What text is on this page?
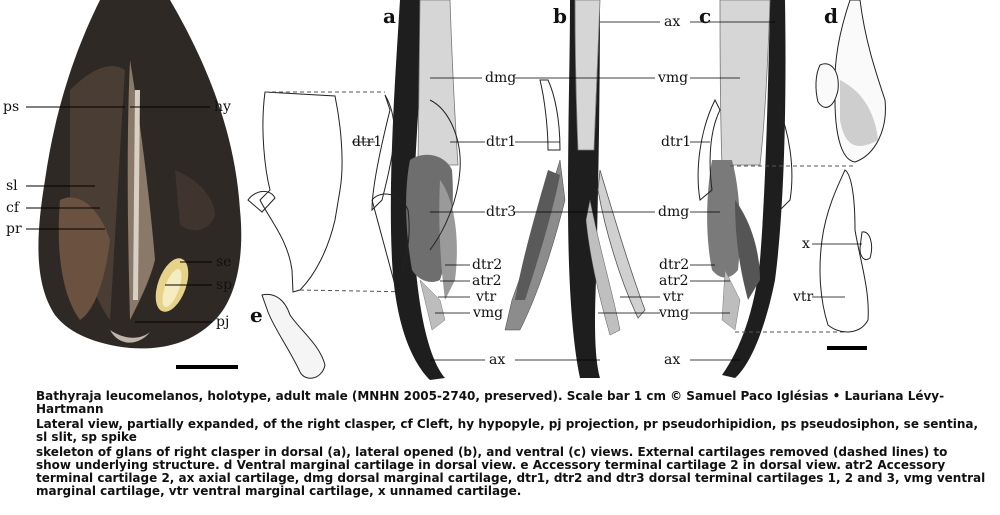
ps	hy
sl
cf
pr
se
sp
pj
a	b	c	d
e
ax
dmg	vmg
dtr1	dtr1	dtr1
dtr3	dmg
dtr2
atr2
vtr
vmg
dtr2
atr2
vtr
vmg
ax	ax
x
vtr
Bathyraja leucomelanos, holotype, adult male (MNHN 2005-2740, preserved). Scale bar 1 cm © Samuel Paco Iglésias • Lauriana Lévy-Hartmann
Lateral view, partially expanded, of the right clasper, cf Cleft, hy hypopyle, pj projection, pr pseudorhipidion, ps pseudosiphon, se sentina, sl slit, sp spike
skeleton of glans of right clasper in dorsal (a), lateral opened (b), and ventral (c) views. External cartilages removed (dashed lines) to show underlying structure. d Ventral marginal cartilage in dorsal view. e Accessory terminal cartilage 2 in dorsal view. atr2 Accessory terminal cartilage 2, ax axial cartilage, dmg dorsal marginal cartilage, dtr1, dtr2 and dtr3 dorsal terminal cartilages 1, 2 and 3, vmg ventral marginal cartilage, vtr ventral marginal cartilage, x unnamed cartilage.
